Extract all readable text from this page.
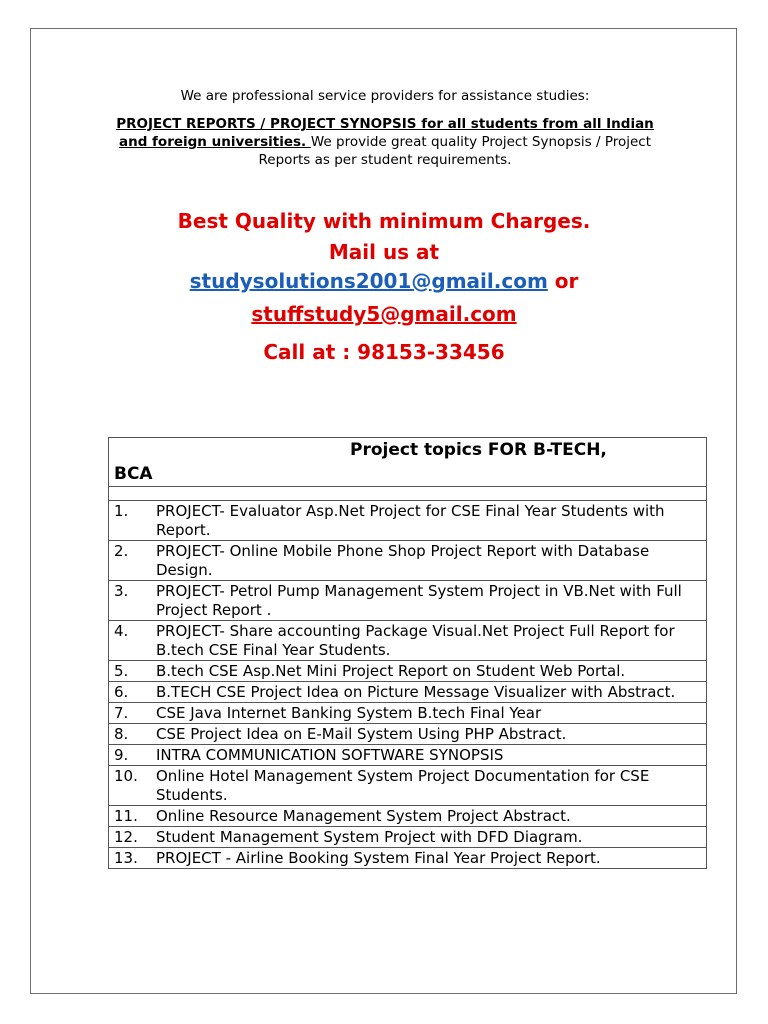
We are professional service providers for assistance studies:
PROJECT REPORTS / PROJECT SYNOPSIS for all students from all Indian and foreign universities. We provide great quality Project Synopsis / Project Reports as per student requirements.
Best Quality with minimum Charges.
Mail us at
studysolutions2001@gmail.com or
stuffstudy5@gmail.com
Call at : 98153-33456
Project topics FOR B-TECH,
BCA

1.	PROJECT- Evaluator Asp.Net Project for CSE Final Year Students with Report.

2.	PROJECT- Online Mobile Phone Shop Project Report with Database Design.

3.	PROJECT- Petrol Pump Management System Project in VB.Net with Full Project Report .

4.	PROJECT- Share accounting Package Visual.Net Project Full Report for B.tech CSE Final Year Students.

5.	B.tech CSE Asp.Net Mini Project Report on Student Web Portal.

6.	B.TECH CSE Project Idea on Picture Message Visualizer with Abstract.

7.	CSE Java Internet Banking System B.tech Final Year

8.	CSE Project Idea on E-Mail System Using PHP Abstract.

9.	INTRA COMMUNICATION SOFTWARE SYNOPSIS

10.	Online Hotel Management System Project Documentation for CSE Students.

11.	Online Resource Management System Project Abstract.

12.	Student Management System Project with DFD Diagram.

13.	PROJECT - Airline Booking System Final Year Project Report.
